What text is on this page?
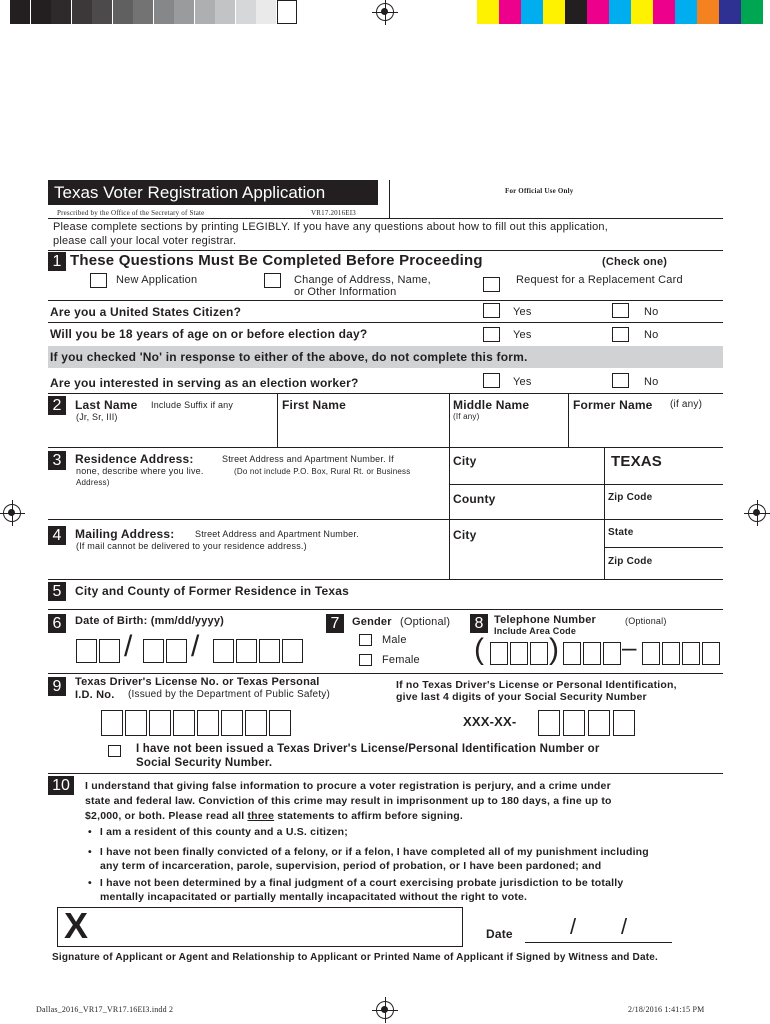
Texas Voter Registration Application
Prescribed by the Office of the Secretary of State	VR17.2016EI3
For Official Use Only
Please complete sections by printing LEGIBLY. If you have any questions about how to fill out this application,
please call your local voter registrar.
1 These Questions Must Be Completed Before Proceeding	(Check one)
New Application	Change of Address, Name,
or Other Information
Request for a Replacement Card
Are you a United States Citizen?	Yes	No
Will you be 18 years of age on or before election day?	Yes	No
If you checked 'No' in response to either of the above, do not complete this form.
Are you interested in serving as an election worker?	Yes	No
2	Last Name Include Suffix if any
(Jr, Sr, III)
First Name	Middle Name
(If any)
Former Name (if any)
3	Residence Address:	Street Address and Apartment Number. If
none, describe where you live.	(Do not include P.O. Box, Rural Rt. or Business
Address)
City	TEXAS
County	Zip Code
4	Mailing Address: Street Address and Apartment Number.
(If mail cannot be delivered to your residence address.)
City	State
Zip Code
5	City and County of Former Residence in Texas
6	Date of Birth: (mm/dd/yyyy)
/ /
7	Gender (Optional)
Male
Female
8 Telephone Number	(Optional)
Include Area Code
( ) –
9	Texas Driver's License No. or Texas Personal
I.D. No. (Issued by the Department of Public Safety)
If no Texas Driver's License or Personal Identification,
give last 4 digits of your Social Security Number
XXX-XX-
I have not been issued a Texas Driver's License/Personal Identification Number or
Social Security Number.
10	I understand that giving false information to procure a voter registration is perjury, and a crime under
state and federal law. Conviction of this crime may result in imprisonment up to 180 days, a fine up to
$2,000, or both. Please read all three statements to affirm before signing.
• I am a resident of this county and a U.S. citizen;
• I have not been finally convicted of a felony, or if a felon, I have completed all of my punishment including
any term of incarceration, parole, supervision, period of probation, or I have been pardoned; and
• I have not been determined by a final judgment of a court exercising probate jurisdiction to be totally
mentally incapacitated or partially mentally incapacitated without the right to vote.
X	Date	/ /
Signature of Applicant or Agent and Relationship to Applicant or Printed Name of Applicant if Signed by Witness and Date.
Dallas_2016_VR17_VR17.16EI3.indd 2	2/18/2016 1:41:15 PM
